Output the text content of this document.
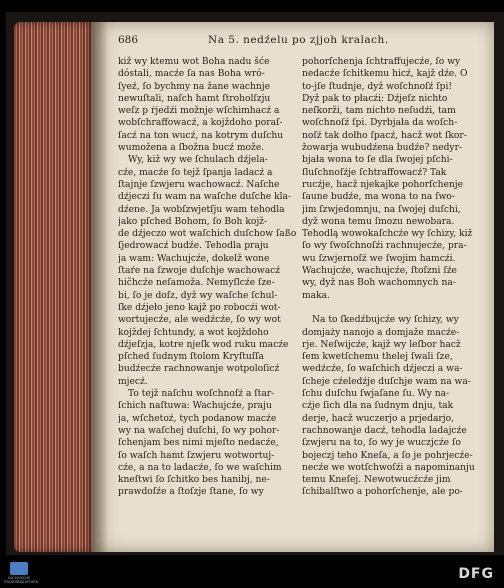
686	Na 5. nedźelu po zjjoh kralach.
kiž wy ktemu wot Boha nadu šće
dóstali, macźe ſa nas Boha wró-
ſyeź, ſo bychmy na žane wachnje
newuſtali, naſch hamt ſtroholſzju
weſz p ṙjedźi možnje wſchimhacź a
wobſchraffowacź, a kojždoho poraſ-
ſacź na ton wucź, na kotrym duſchu
wumožena a ſbožna bucź može.
Wy, kiž wy we ſchulach dźjela-
cźe, macźe ſo tejž ſpanja ladacź a
ſtajnje ſzwjeru wachowacź. Naſche
dźjeczi ſu wam na waſche duſche kla-
dźene. Ja wobſzwjetſju wam tehodla
jako pſched Bohom, ſo Boh kojž-
de dźjeczo wot waſchich duſchow ſaßo
ſjedrowacź budźe. Tehodla praju
ja wam: Wachujcźe, dokelž wone
ſtaŕe na ſzwoje duſchje wachowacź
hičhcźe neſamoža. Nemyſlcźe ſze-
bi, ſo je doſz, dyž wy waſche ſchul-
ſke dźjeło jeno kajž po robocźi wot-
wortujecźe, ale wedźcźe, ſo wy wot
kojždej ſchtundy, a wot kojždoho
dźjeſzja, kotre njeſk wod ruku macźe
pſched ſudnym ſtolom Kryſtuſſa
budźecźe rachnowanje wotpoloſicź
mjecź.
To tejž naſchu woſchnoſź a ſtar-
ſchich naſtuwa: Wachujcźe, praju
ja, wſchetoź, tych podanow macźe
wy na waſchej duſchi, ſo wy pohor-
ſchenjam bes nimi mjeſto nedacźe,
ſo waſch hamt ſzwjeru wotwortuj-
cźe, a na to ladacźe, ſo we waſchim
kneſtwi ſo ſchitko bes hanibj, ne-
prawdoſźe a ſtoſzje ſtane, ſo wy
pohorſchenja ſchtraffujecźe, ſo wy
nedacźe ſchitkemu hicź, kajž dźe. O
to-jſe ſtudnje, dyž woſchnoſź ſpi!
Dyž pak to płacźi: Dźjeſz nichto
neſkorži, tam nichto neſudźi, tam
woſchnoſź ſpi. Dyrbjała da woſch-
noſź tak dołho ſpacź, hacž wot ſkor-
žowarja wubudźena budźe? nedyr-
bjała wona to ſe dla ſwojej pſchi-
ſluſchnoſźje ſchtraffowacź? Tak
rucźje, hacž njekajke pohorſchenje
ſaune budźe, ma wona to na ſwo-
jim ſzwjedomnju, na ſwojej duſchi,
dyž wona temu ſmozu newobara.
Tehodlą wowokaſchcźe wy ſchizy, kiž
ſo wy ſwoſchnoſźi rachnujecźe, pra-
wu ſzwjernoſź we ſwojim hamcźi.
Wachujcźe, wachujcźe, ſtoſzni ſźe
wy, dyž nas Boh wachomnych na-
maka.

Na to ſkedźbujcźe wy ſchizy, wy
domjaży nanojo a domjaže macźe-
rje. Neſwijcźe, kajž wy leſbor hacž
ſem kwetſchemu thelej ſwali ſze,
wedźcźe, ſo waſchich dźjeczi a wa-
ſcheje cźeledźje duſchje wam na wa-
ſchu duſchu ſwjaſane ſu. Wy na-
cźje ſich dla na ſudnym dnju, tak
derje, hacž wuczerjo a prjedarjo,
rachnowanje dacź, tehodla ladajcźe
ſzwjeru na to, ſo wy je wuczjcźe ſo
bojeczj teho Kneſa, a ſo je pohrjecźe-
necźe we wotſchwoſźi a napominanju
temu Kneſej. Newotwucźcźe jim
ſchibalſtwo a pohorſchenje, ale po-
SÄCHSISCHE STAATSBIBLIOTHEK	DFG
